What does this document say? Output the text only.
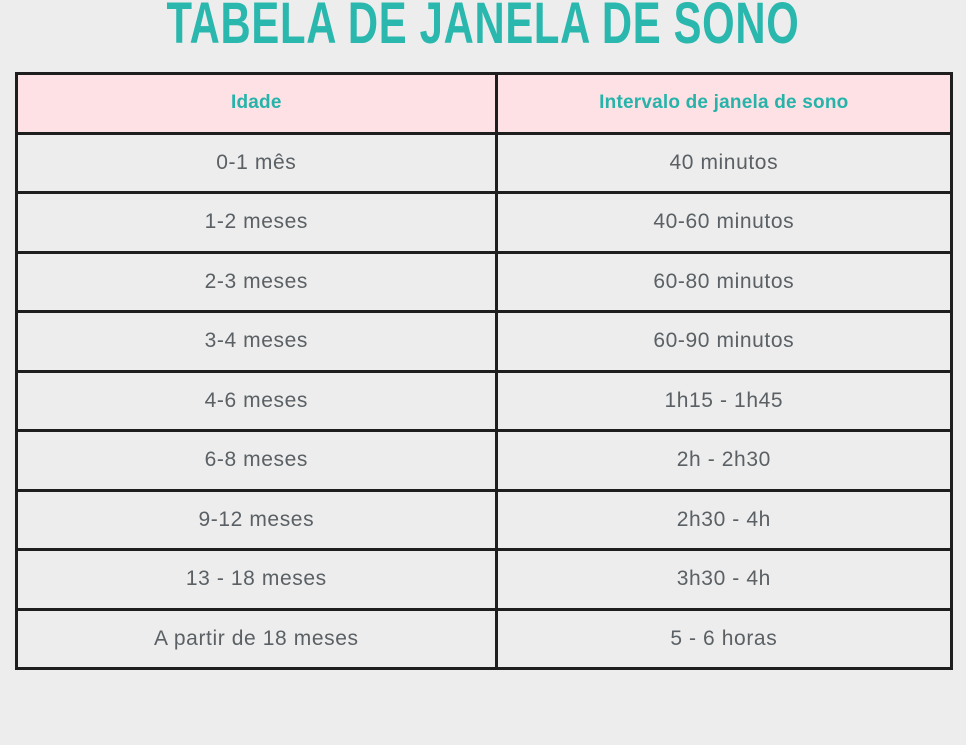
TABELA DE JANELA DE SONO
Idade	Intervalo de janela de sono
0-1 mês	40 minutos
1-2 meses	40-60 minutos
2-3 meses	60-80 minutos
3-4 meses	60-90 minutos
4-6 meses	1h15 - 1h45
6-8 meses	2h - 2h30
9-12 meses	2h30 - 4h
13 - 18 meses	3h30 - 4h
A partir de 18 meses	5 - 6 horas
